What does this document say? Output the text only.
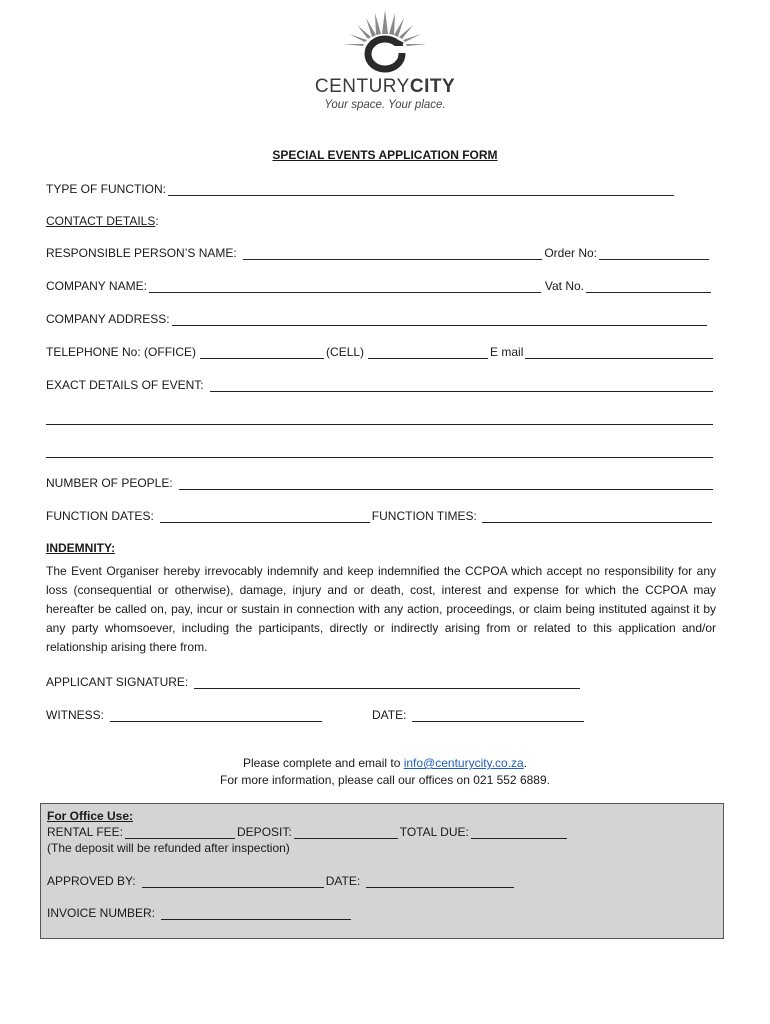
CENTURYCITY
Your space. Your place.
SPECIAL EVENTS APPLICATION FORM
TYPE OF FUNCTION:
CONTACT DETAILS :
RESPONSIBLE PERSON’S NAME:	Order No:
COMPANY NAME:	Vat No.
COMPANY ADDRESS:
TELEPHONE No: (OFFICE)	(CELL)	E mail
EXACT DETAILS OF EVENT:
NUMBER OF PEOPLE:
FUNCTION DATES:	FUNCTION TIMES:
INDEMNITY:
The Event Organiser hereby irrevocably indemnify and keep indemnified the CCPOA which accept no responsibility for any loss (consequential or otherwise), damage, injury and or death, cost, interest and expense for which the CCPOA may hereafter be called on, pay, incur or sustain in connection with any action, proceedings, or claim being instituted against it by any party whomsoever, including the participants, directly or indirectly arising from or related to this application and/or relationship arising there from.
APPLICANT SIGNATURE:
WITNESS:	DATE:
Please complete and email to info@centurycity.co.za.
For more information, please call our offices on 021 552 6889.
For Office Use:
RENTAL FEE:	DEPOSIT:	TOTAL DUE:
(The deposit will be refunded after inspection)
APPROVED BY:	DATE:
INVOICE NUMBER:
